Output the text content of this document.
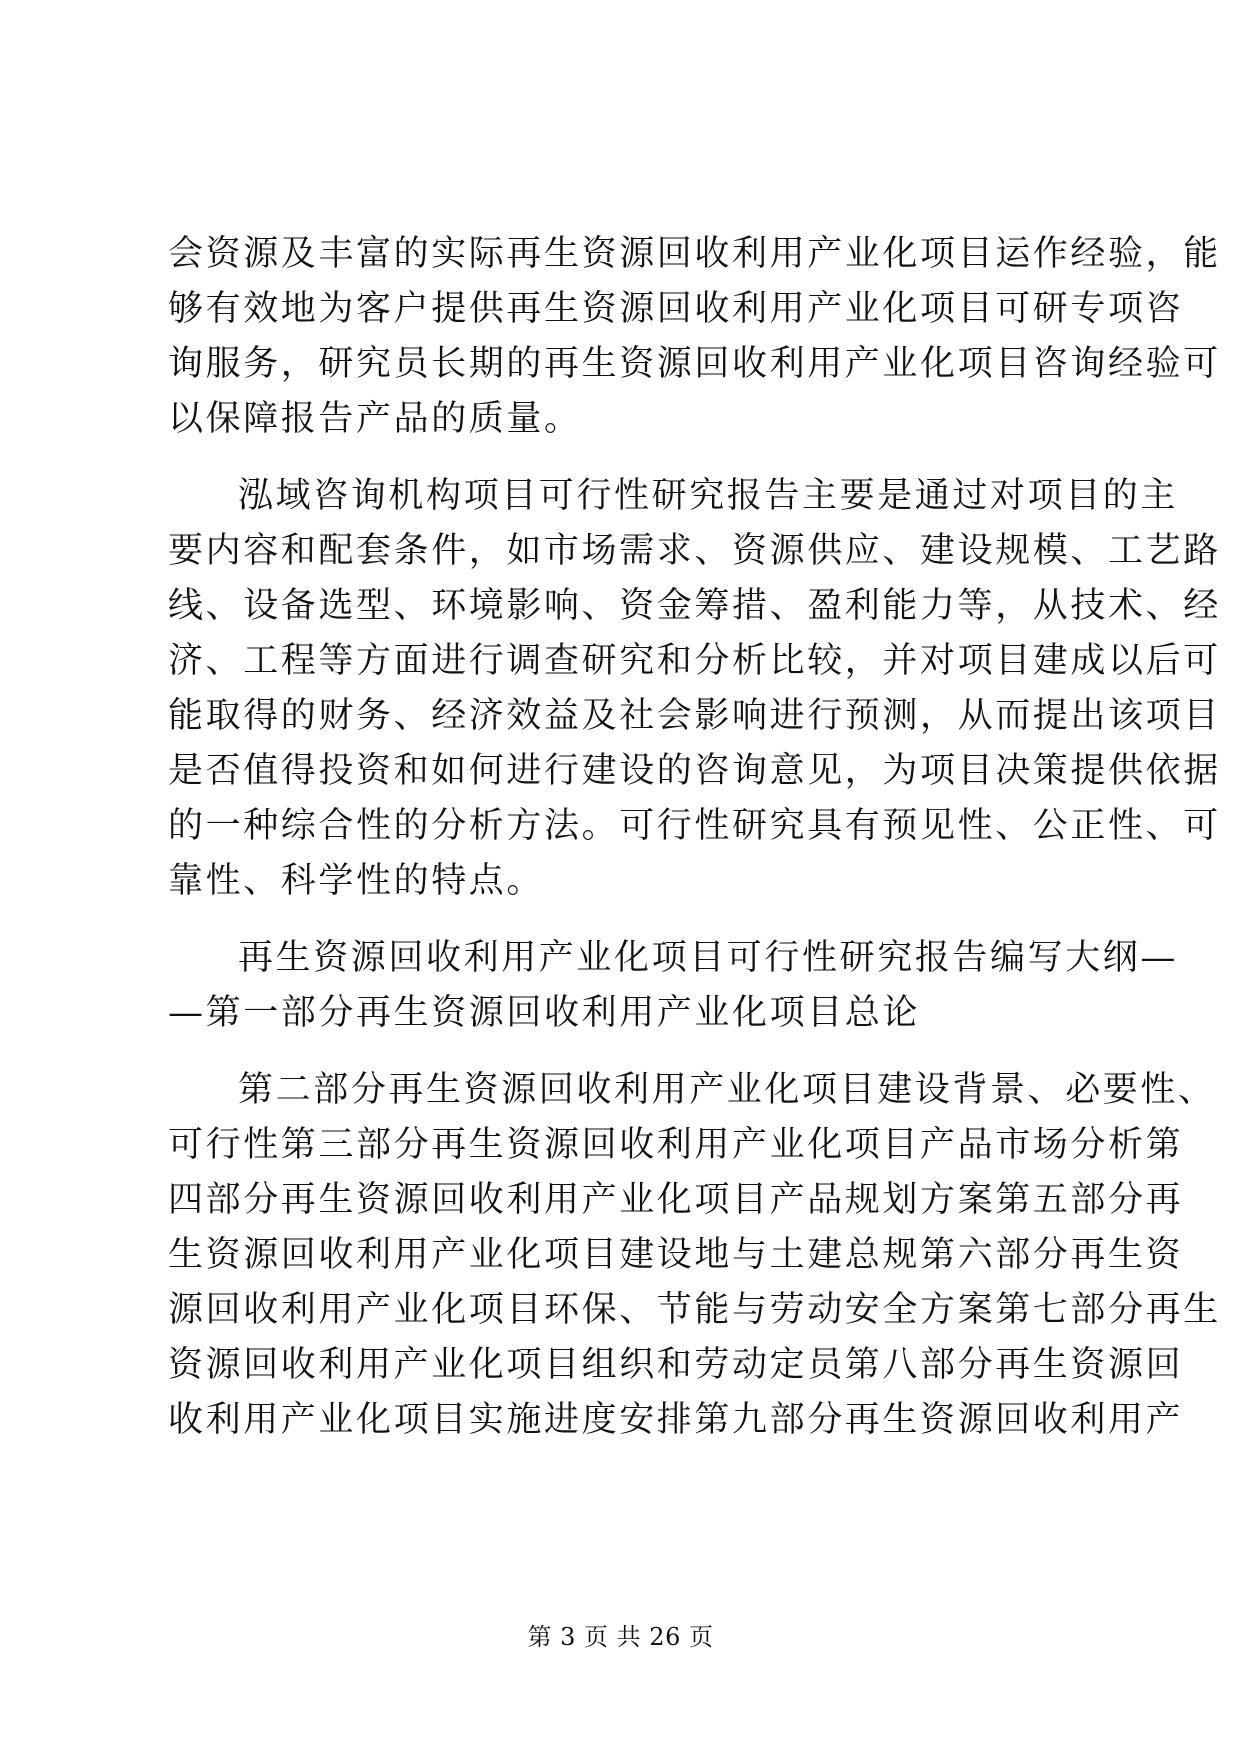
会资源及丰富的实际再生资源回收利用产业化项目运作经验，能
够有效地为客户提供再生资源回收利用产业化项目可研专项咨
询服务，研究员长期的再生资源回收利用产业化项目咨询经验可
以保障报告产品的质量。
泓域咨询机构项目可行性研究报告主要是通过对项目的主
要内容和配套条件，如市场需求、资源供应、建设规模、工艺路
线、设备选型、环境影响、资金筹措、盈利能力等，从技术、经
济、工程等方面进行调查研究和分析比较，并对项目建成以后可
能取得的财务、经济效益及社会影响进行预测，从而提出该项目
是否值得投资和如何进行建设的咨询意见，为项目决策提供依据
的一种综合性的分析方法。可行性研究具有预见性、公正性、可
靠性、科学性的特点。
再生资源回收利用产业化项目可行性研究报告编写大纲—
—第一部分再生资源回收利用产业化项目总论
第二部分再生资源回收利用产业化项目建设背景、必要性、
可行性第三部分再生资源回收利用产业化项目产品市场分析第
四部分再生资源回收利用产业化项目产品规划方案第五部分再
生资源回收利用产业化项目建设地与土建总规第六部分再生资
源回收利用产业化项目环保、节能与劳动安全方案第七部分再生
资源回收利用产业化项目组织和劳动定员第八部分再生资源回
收利用产业化项目实施进度安排第九部分再生资源回收利用产
第 3 页 共 26 页
